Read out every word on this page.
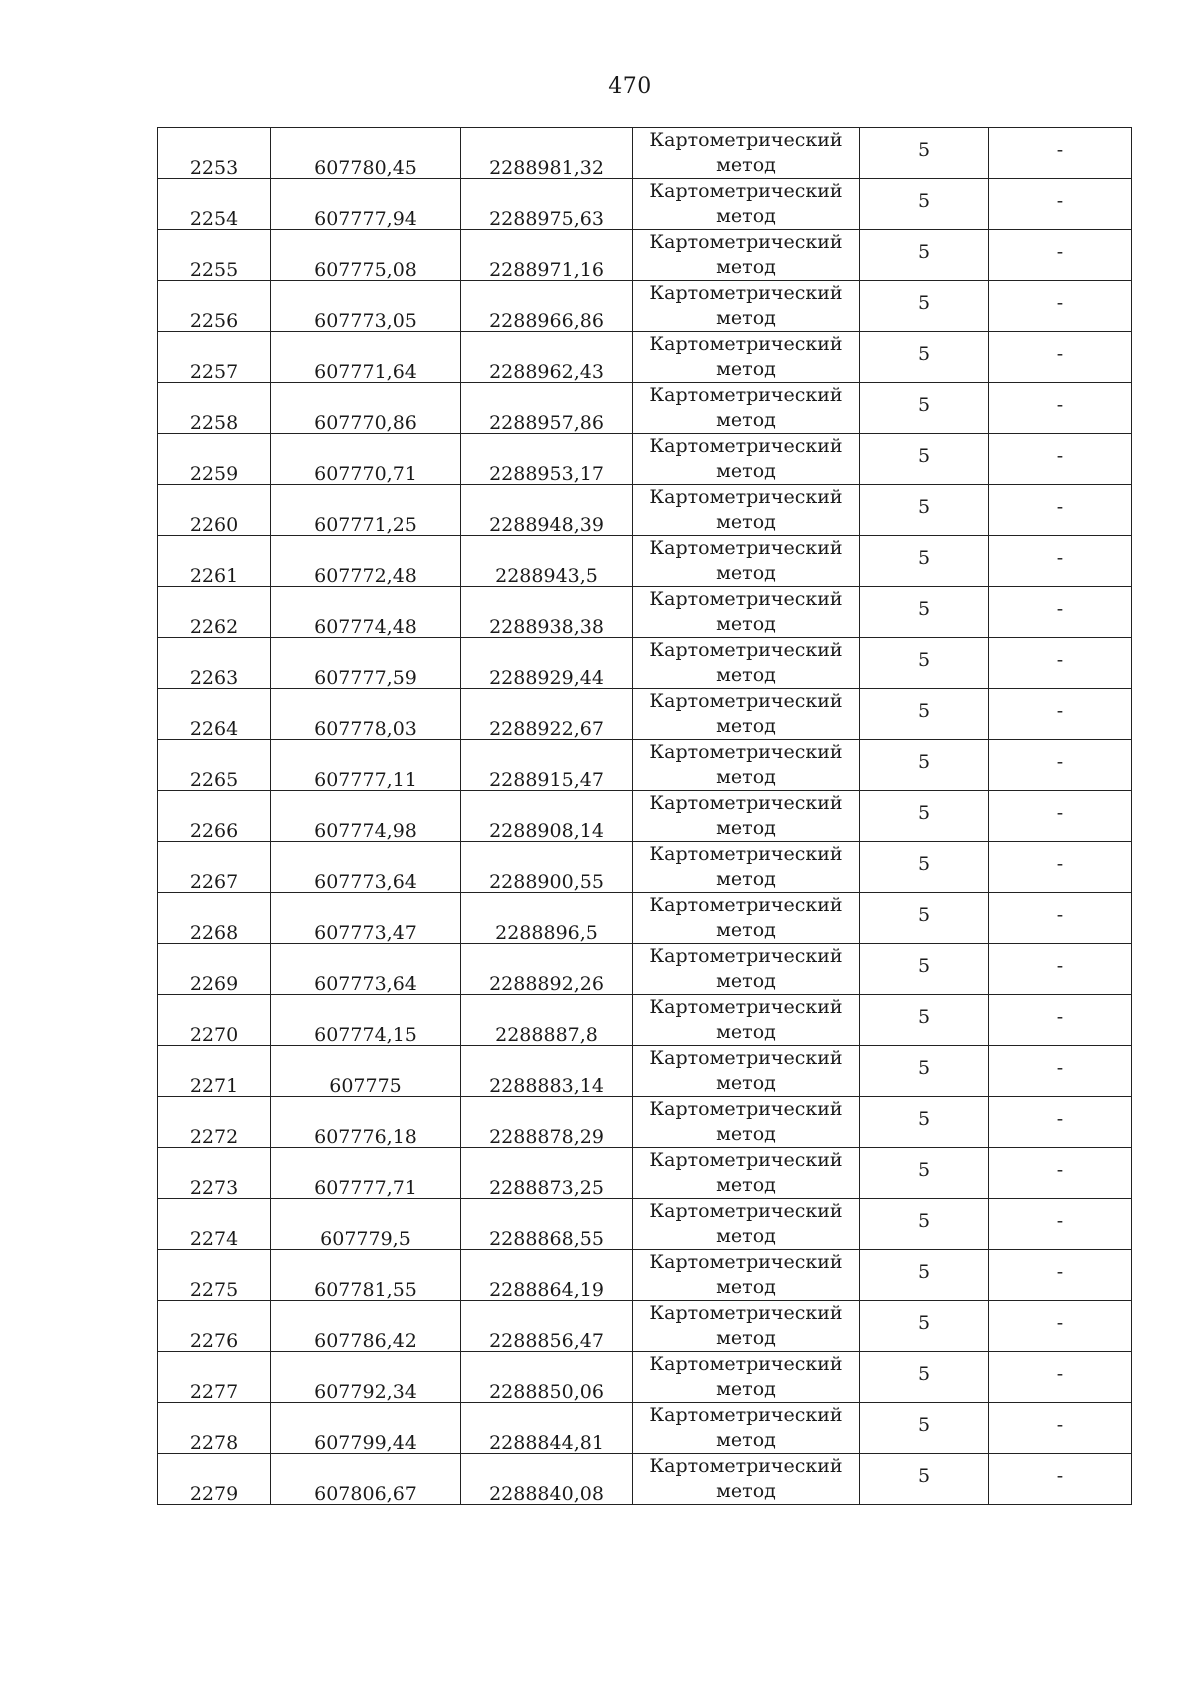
470
2253	607780,45	2288981,32	Картометрический метод	5	-
2254	607777,94	2288975,63	Картометрический метод	5	-
2255	607775,08	2288971,16	Картометрический метод	5	-
2256	607773,05	2288966,86	Картометрический метод	5	-
2257	607771,64	2288962,43	Картометрический метод	5	-
2258	607770,86	2288957,86	Картометрический метод	5	-
2259	607770,71	2288953,17	Картометрический метод	5	-
2260	607771,25	2288948,39	Картометрический метод	5	-
2261	607772,48	2288943,5	Картометрический метод	5	-
2262	607774,48	2288938,38	Картометрический метод	5	-
2263	607777,59	2288929,44	Картометрический метод	5	-
2264	607778,03	2288922,67	Картометрический метод	5	-
2265	607777,11	2288915,47	Картометрический метод	5	-
2266	607774,98	2288908,14	Картометрический метод	5	-
2267	607773,64	2288900,55	Картометрический метод	5	-
2268	607773,47	2288896,5	Картометрический метод	5	-
2269	607773,64	2288892,26	Картометрический метод	5	-
2270	607774,15	2288887,8	Картометрический метод	5	-
2271	607775	2288883,14	Картометрический метод	5	-
2272	607776,18	2288878,29	Картометрический метод	5	-
2273	607777,71	2288873,25	Картометрический метод	5	-
2274	607779,5	2288868,55	Картометрический метод	5	-
2275	607781,55	2288864,19	Картометрический метод	5	-
2276	607786,42	2288856,47	Картометрический метод	5	-
2277	607792,34	2288850,06	Картометрический метод	5	-
2278	607799,44	2288844,81	Картометрический метод	5	-
2279	607806,67	2288840,08	Картометрический метод	5	-
